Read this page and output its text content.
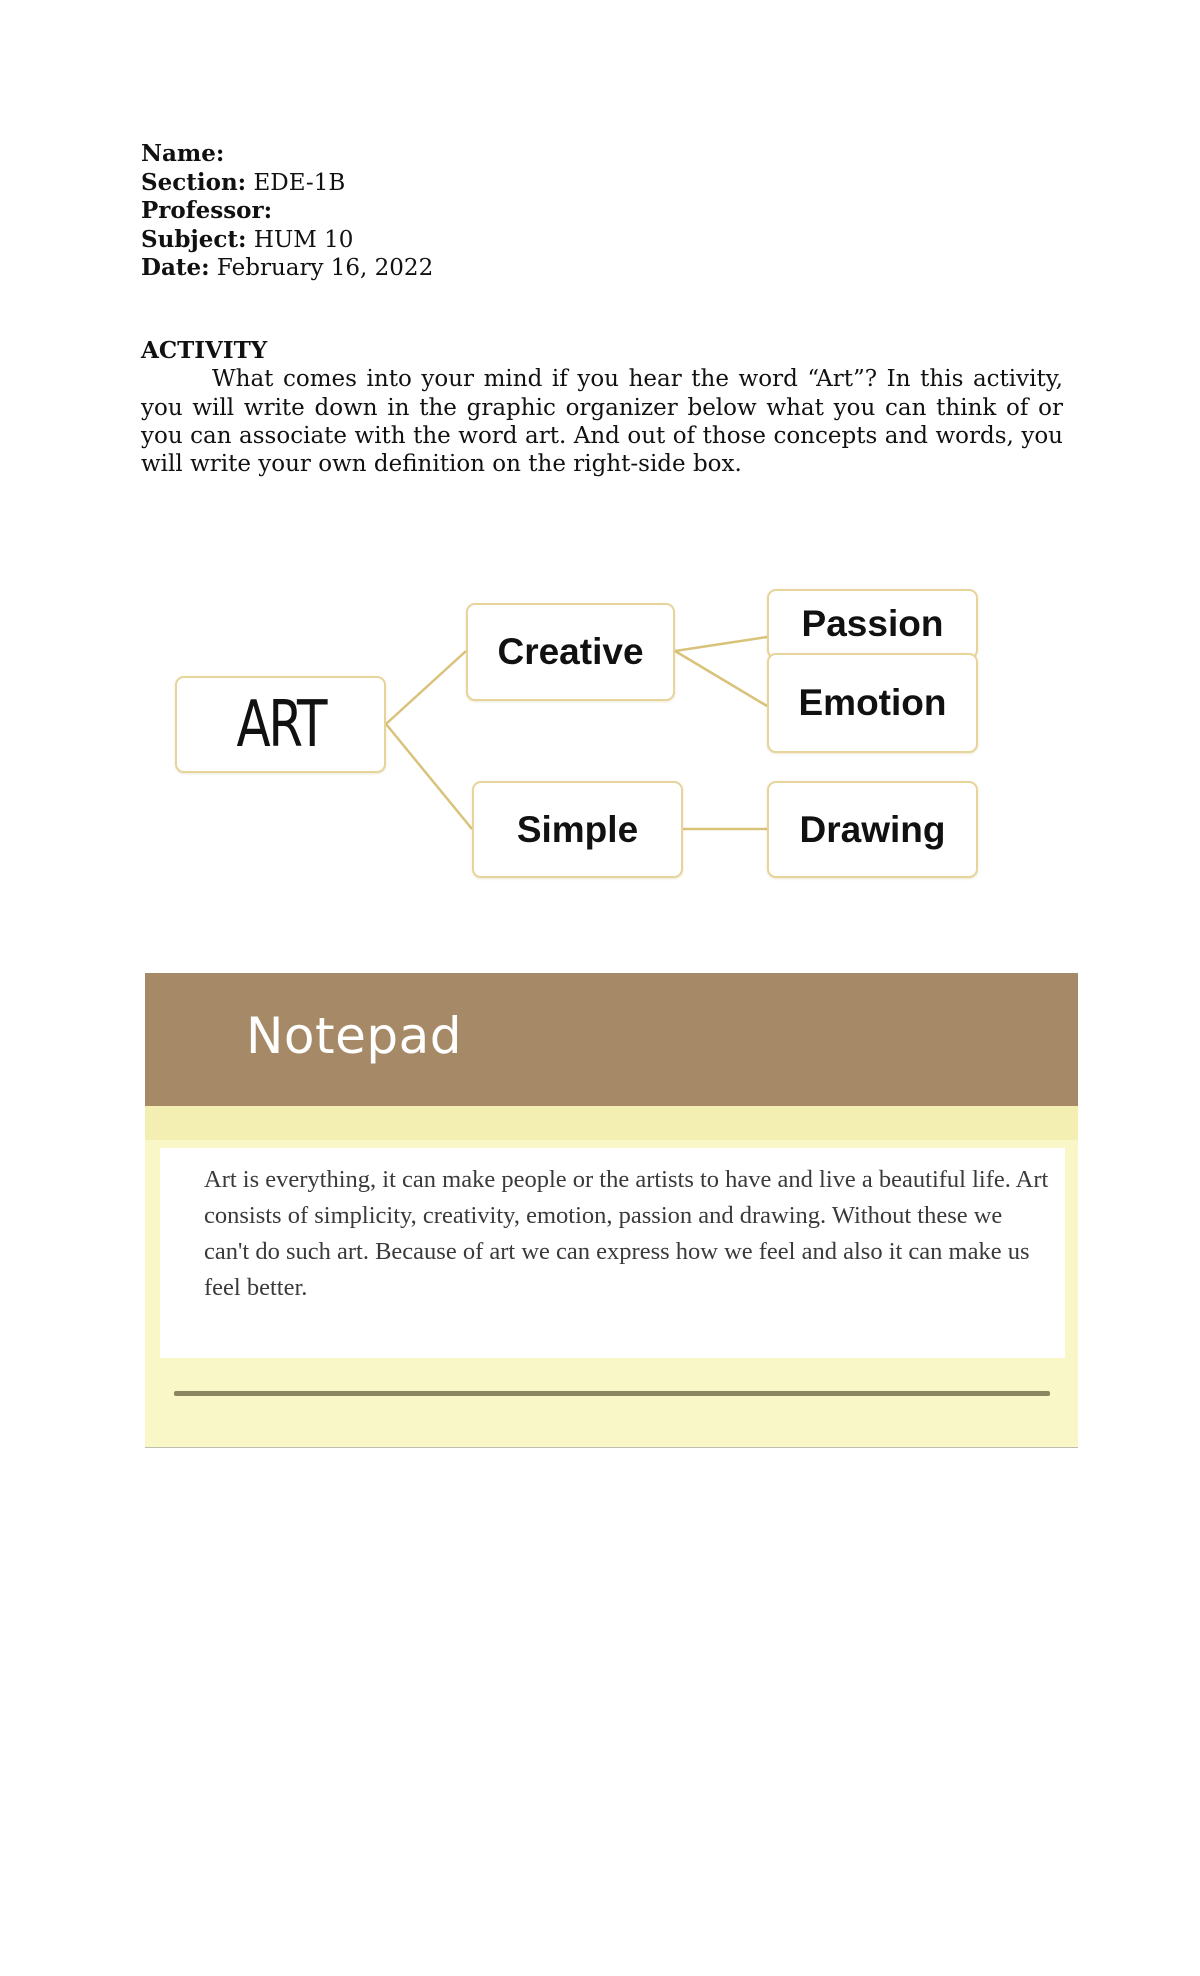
Name:
Section: EDE-1B
Professor:
Subject: HUM 10
Date: February 16, 2022
ACTIVITY

What comes into your mind if you hear the word “Art”? In this activity, you will write down in the graphic organizer below what you can think of or you can associate with the word art. And out of those concepts and words, you will write your own definition on the right-side box.

ART
Creative
Simple
Passion
Emotion
Drawing
Notepad
Art is everything, it can make people or the artists to have and live a beautiful life. Art consists of simplicity, creativity, emotion, passion and drawing. Without these we can't do such art. Because of art we can express how we feel and also it can make us feel better.
